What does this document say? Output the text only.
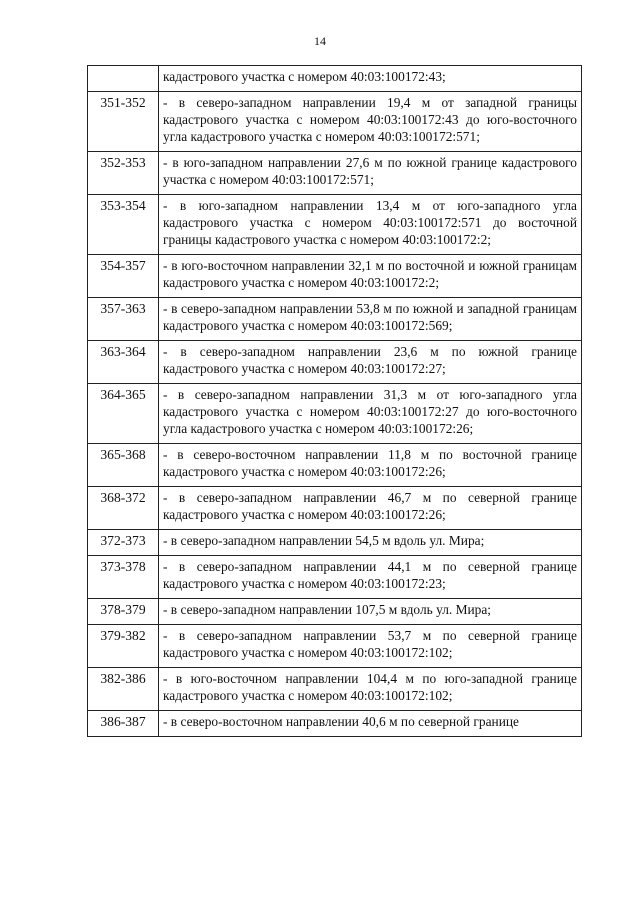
14
	кадастрового участка с номером 40:03:100172:43;
351-352	- в северо-западном направлении 19,4 м от западной границы кадастрового участка с номером 40:03:100172:43 до юго-восточного угла кадастрового участка с номером 40:03:100172:571;
352-353	- в юго-западном направлении 27,6 м по южной границе кадастрового участка с номером 40:03:100172:571;
353-354	- в юго-западном направлении 13,4 м от юго-западного угла кадастрового участка с номером 40:03:100172:571 до восточной границы кадастрового участка с номером 40:03:100172:2;
354-357	- в юго-восточном направлении 32,1 м по восточной и южной границам кадастрового участка с номером 40:03:100172:2;
357-363	- в северо-западном направлении 53,8 м по южной и западной границам кадастрового участка с номером 40:03:100172:569;
363-364	- в северо-западном направлении 23,6 м по южной границе кадастрового участка с номером 40:03:100172:27;
364-365	- в северо-западном направлении 31,3 м от юго-западного угла кадастрового участка с номером 40:03:100172:27 до юго-восточного угла кадастрового участка с номером 40:03:100172:26;
365-368	- в северо-восточном направлении 11,8 м по восточной границе кадастрового участка с номером 40:03:100172:26;
368-372	- в северо-западном направлении 46,7 м по северной границе кадастрового участка с номером 40:03:100172:26;
372-373	- в северо-западном направлении 54,5 м вдоль ул. Мира;
373-378	- в северо-западном направлении 44,1 м по северной границе кадастрового участка с номером 40:03:100172:23;
378-379	- в северо-западном направлении 107,5 м вдоль ул. Мира;
379-382	- в северо-западном направлении 53,7 м по северной границе кадастрового участка с номером 40:03:100172:102;
382-386	- в юго-восточном направлении 104,4 м по юго-западной границе кадастрового участка с номером 40:03:100172:102;
386-387	- в северо-восточном направлении 40,6 м по северной границе
